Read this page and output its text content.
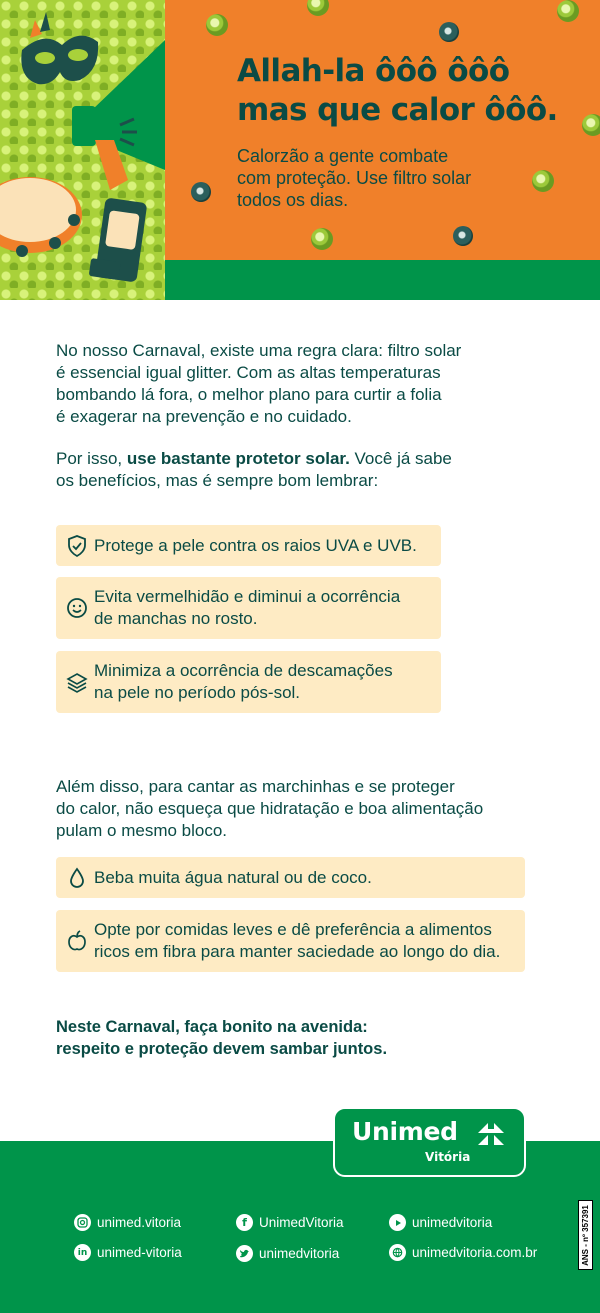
Allah-la ôôô ôôô
mas que calor ôôô.
Calorzão a gente combate
com proteção. Use filtro solar
todos os dias.
No nosso Carnaval, existe uma regra clara: filtro solar
é essencial igual glitter. Com as altas temperaturas
bombando lá fora, o melhor plano para curtir a folia
é exagerar na prevenção e no cuidado.
Por isso, use bastante protetor solar. Você já sabe
os benefícios, mas é sempre bom lembrar:
Protege a pele contra os raios UVA e UVB.
Evita vermelhidão e diminui a ocorrência
de manchas no rosto.
Minimiza a ocorrência de descamações
na pele no período pós-sol.
Além disso, para cantar as marchinhas e se proteger
do calor, não esqueça que hidratação e boa alimentação
pulam o mesmo bloco.
Beba muita água natural ou de coco.
Opte por comidas leves e dê preferência a alimentos
ricos em fibra para manter saciedade ao longo do dia.
Neste Carnaval, faça bonito na avenida:
respeito e proteção devem sambar juntos.
Unimed
Vitória
unimed.vitoria
in unimed-vitoria
f UnimedVitoria
unimedvitoria
unimedvitoria
unimedvitoria.com.br	ANS - nº 357391
